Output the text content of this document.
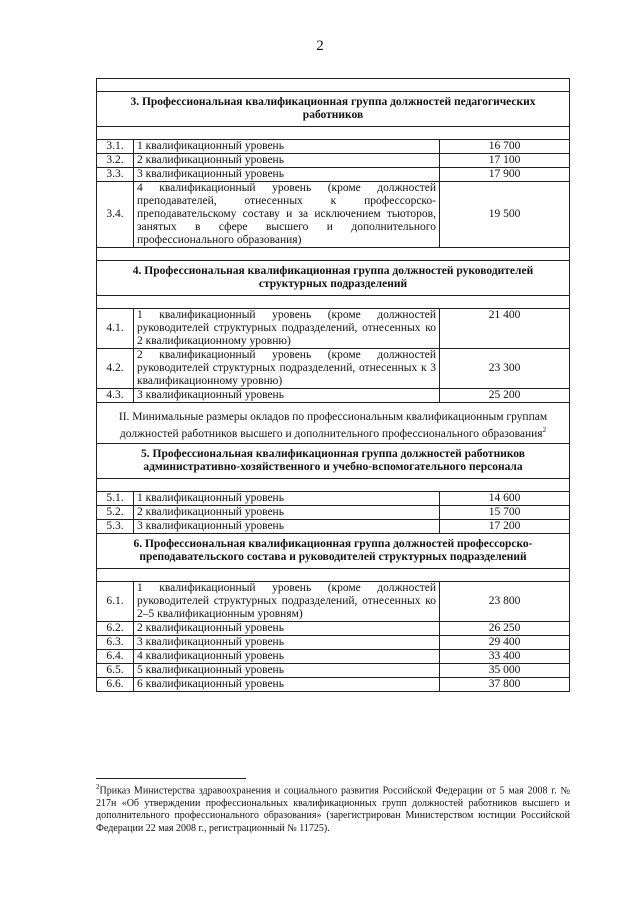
2

3. Профессиональная квалификационная группа должностей педагогических работников		

3.1.	1 квалификационный уровень	16 700
3.2.	2 квалификационный уровень	17 100
3.3.	3 квалификационный уровень	17 900
3.4.	4 квалификационный уровень (кроме должностей преподавателей, отнесенных к профессорско-преподавательскому составу и за исключением тьюторов, занятых в сфере высшего и дополнительного профессионального образования)	19 500

4. Профессиональная квалификационная группа должностей руководителей структурных подразделений		

4.1.	1 квалификационный уровень (кроме должностей руководителей структурных подразделений, отнесенных ко 2 квалификационному уровню)	21 400
4.2.	2 квалификационный уровень (кроме должностей руководителей структурных подразделений, отнесенных к 3 квалификационному уровню)	23 300
4.3.	3 квалификационный уровень	25 200
II. Минимальные размеры окладов по профессиональным квалификационным группам должностей работников высшего и дополнительного профессионального образования$^2$
5. Профессиональная квалификационная группа должностей работников административно-хозяйственного и учебно-вспомогательного персонала		

5.1.	1 квалификационный уровень	14 600
5.2.	2 квалификационный уровень	15 700
5.3.	3 квалификационный уровень	17 200
6. Профессиональная квалификационная группа должностей профессорско-преподавательского состава и руководителей структурных подразделений		

6.1.	1 квалификационный уровень (кроме должностей руководителей структурных подразделений, отнесенных ко 2–5 квалификационным уровням)	23 800
6.2.	2 квалификационный уровень	26 250
6.3.	3 квалификационный уровень	29 400
6.4.	4 квалификационный уровень	33 400
6.5.	5 квалификационный уровень	35 000
6.6.	6 квалификационный уровень	37 800
$^2$Приказ Министерства здравоохранения и социального развития Российской Федерации от 5 мая 2008 г. № 217н «Об утверждении профессиональных квалификационных групп должностей работников высшего и дополнительного профессионального образования» (зарегистрирован Министерством юстиции Российской Федерации 22 мая 2008 г., регистрационный № 11725).
